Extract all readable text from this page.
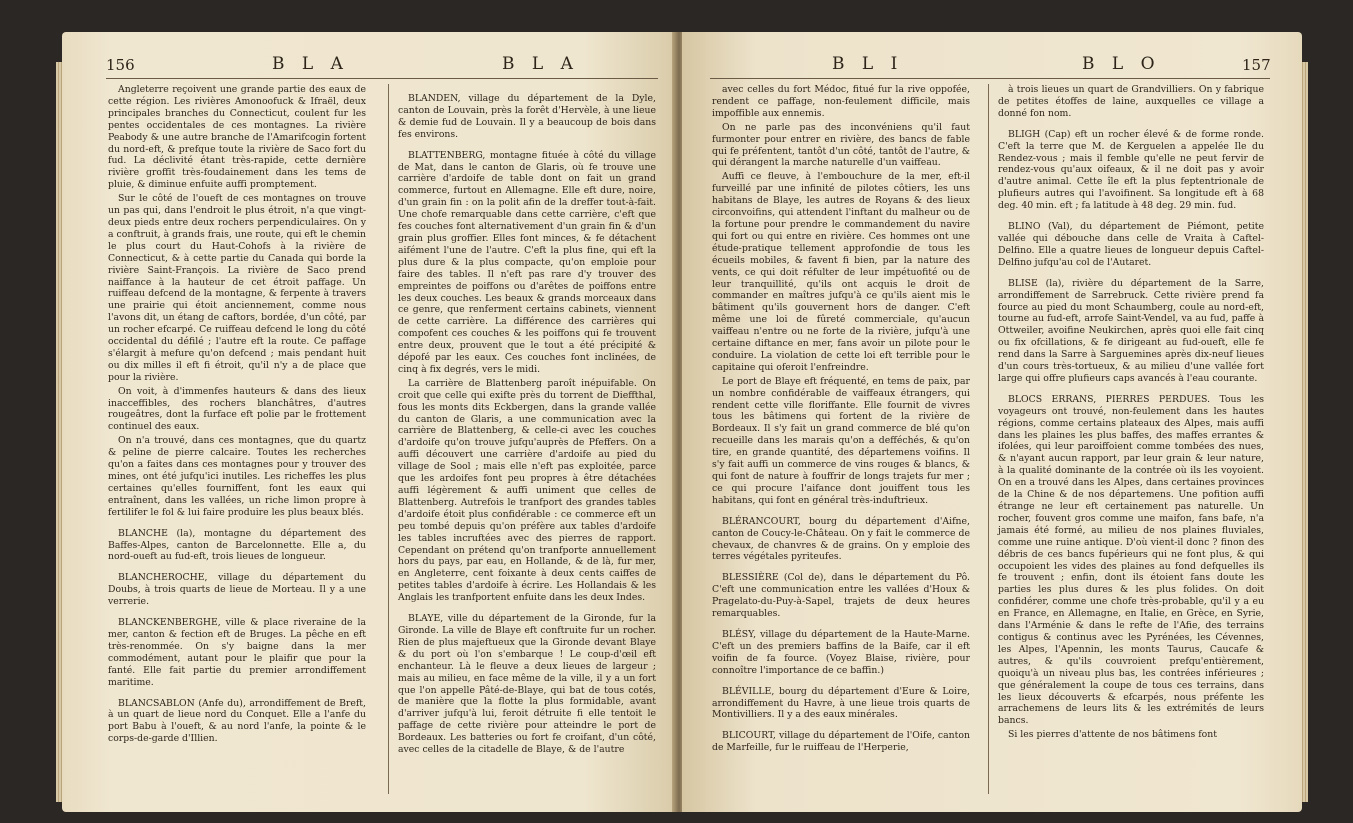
156	B L A	B L A

Angleterre reçoivent une grande partie des eaux de cette région. Les rivières Amonoofuck & Ifraël, deux principales branches du Connecticut, coulent fur les pentes occidentales de ces montagnes. La rivière Peabody & une autre branche de l'Amarifcogin fortent du nord-eft, & prefque toute la rivière de Saco fort du fud. La déclivité étant très-rapide, cette dernière rivière groffit très-foudainement dans les tems de pluie, & diminue enfuite auffi promptement.

Sur le côté de l'oueft de ces montagnes on trouve un pas qui, dans l'endroit le plus étroit, n'a que vingt-deux pieds entre deux rochers perpendiculaires. On y a conftruit, à grands frais, une route, qui eft le chemin le plus court du Haut-Cohofs à la rivière de Connecticut, & à cette partie du Canada qui borde la rivière Saint-François. La rivière de Saco prend naiffance à la hauteur de cet étroit paffage. Un ruiffeau defcend de la montagne, & ferpente à travers une prairie qui étoit anciennement, comme nous l'avons dit, un étang de caftors, bordée, d'un côté, par un rocher efcarpé. Ce ruiffeau defcend le long du côté occidental du défilé ; l'autre eft la route. Ce paffage s'élargit à mefure qu'on defcend ; mais pendant huit ou dix milles il eft fi étroit, qu'il n'y a de place que pour la rivière.

On voit, à d'immenfes hauteurs & dans des lieux inacceffibles, des rochers blanchâtres, d'autres rougeâtres, dont la furface eft polie par le frottement continuel des eaux.

On n'a trouvé, dans ces montagnes, que du quartz & peline de pierre calcaire. Toutes les recherches qu'on a faites dans ces montagnes pour y trouver des mines, ont été jufqu'ici inutiles. Les richeffes les plus certaines qu'elles fourniffent, font les eaux qui entraînent, dans les vallées, un riche limon propre à fertilifer le fol & lui faire produire les plus beaux blés.

BLANCHE (la), montagne du département des Baffes-Alpes, canton de Barcelonnette. Elle a, du nord-oueft au fud-eft, trois lieues de longueur.

BLANCHEROCHE, village du département du Doubs, à trois quarts de lieue de Morteau. Il y a une verrerie.

BLANCKENBERGHE, ville & place riveraine de la mer, canton & fection eft de Bruges. La pêche en eft très-renommée. On s'y baigne dans la mer commodément, autant pour le plaifir que pour la fanté. Elle fait partie du premier arrondiffement maritime.

BLANCSABLON (Anfe du), arrondiffement de Breft, à un quart de lieue nord du Conquet. Elle a l'anfe du port Babu à l'oueft, & au nord l'anfe, la pointe & le corps-de-garde d'Illien.

BLANDEN, village du département de la Dyle, canton de Louvain, près la forêt d'Hervèle, à une lieue & demie fud de Louvain. Il y a beaucoup de bois dans fes environs.

BLATTENBERG, montagne fituée à côté du village de Mat, dans le canton de Glaris, où fe trouve une carrière d'ardoife de table dont on fait un grand commerce, furtout en Allemagne. Elle eft dure, noire, d'un grain fin : on la polit afin de la dreffer tout-à-fait. Une chofe remarquable dans cette carrière, c'eft que fes couches font alternativement d'un grain fin & d'un grain plus groffier. Elles font minces, & fe détachent aifément l'une de l'autre. C'eft la plus fine, qui eft la plus dure & la plus compacte, qu'on emploie pour faire des tables. Il n'eft pas rare d'y trouver des empreintes de poiffons ou d'arêtes de poiffons entre les deux couches. Les beaux & grands morceaux dans ce genre, que renferment certains cabinets, viennent de cette carrière. La différence des carrières qui compofent ces couches & les poiffons qui fe trouvent entre deux, prouvent que le tout a été précipité & dépofé par les eaux. Ces couches font inclinées, de cinq à fix degrés, vers le midi.

La carrière de Blattenberg paroît inépuifable. On croit que celle qui exifte près du torrent de Dieffthal, fous les monts dits Eckbergen, dans la grande vallée du canton de Glaris, a une communication avec la carrière de Blattenberg, & celle-ci avec les couches d'ardoife qu'on trouve jufqu'auprès de Pfeffers. On a auffi découvert une carrière d'ardoife au pied du village de Sool ; mais elle n'eft pas exploitée, parce que les ardoifes font peu propres à être détachées auffi légèrement & auffi uniment que celles de Blattenberg. Autrefois le tranfport des grandes tables d'ardoife étoit plus confidérable : ce commerce eft un peu tombé depuis qu'on préfère aux tables d'ardoife les tables incruftées avec des pierres de rapport. Cependant on prétend qu'on tranfporte annuellement hors du pays, par eau, en Hollande, & de là, fur mer, en Angleterre, cent foixante à deux cents caiffes de petites tables d'ardoife à écrire. Les Hollandais & les Anglais les tranfportent enfuite dans les deux Indes.

BLAYE, ville du département de la Gironde, fur la Gironde. La ville de Blaye eft conftruite fur un rocher. Rien de plus majeftueux que la Gironde devant Blaye & du port où l'on s'embarque ! Le coup-d'œil eft enchanteur. Là le fleuve a deux lieues de largeur ; mais au milieu, en face même de la ville, il y a un fort que l'on appelle Pâté-de-Blaye, qui bat de tous cotés, de manière que la flotte la plus formidable, avant d'arriver jufqu'à lui, feroit détruite fi elle tentoit le paffage de cette rivière pour atteindre le port de Bordeaux. Les batteries ou fort fe croifant, d'un côté, avec celles de la citadelle de Blaye, & de l'autre

B L I	B L O	157

avec celles du fort Médoc, fitué fur la rive oppofée, rendent ce paffage, non-feulement difficile, mais impoffible aux ennemis.

On ne parle pas des inconvéniens qu'il faut furmonter pour entrer en rivière, des bancs de fable qui fe préfentent, tantôt d'un côté, tantôt de l'autre, & qui dérangent la marche naturelle d'un vaiffeau.

Auffi ce fleuve, à l'embouchure de la mer, eft-il furveillé par une infinité de pilotes côtiers, les uns habitans de Blaye, les autres de Royans & des lieux circonvoifins, qui attendent l'inftant du malheur ou de la fortune pour prendre le commandement du navire qui fort ou qui entre en rivière. Ces hommes ont une étude-pratique tellement approfondie de tous les écueils mobiles, & favent fi bien, par la nature des vents, ce qui doit réfulter de leur impétuofité ou de leur tranquillité, qu'ils ont acquis le droit de commander en maîtres jufqu'à ce qu'ils aient mis le bâtiment qu'ils gouvernent hors de danger. C'eft même une loi de fûreté commerciale, qu'aucun vaiffeau n'entre ou ne forte de la rivière, jufqu'à une certaine diftance en mer, fans avoir un pilote pour le conduire. La violation de cette loi eft terrible pour le capitaine qui oferoit l'enfreindre.

Le port de Blaye eft fréquenté, en tems de paix, par un nombre confidérable de vaiffeaux étrangers, qui rendent cette ville floriffante. Elle fournit de vivres tous les bâtimens qui fortent de la rivière de Bordeaux. Il s'y fait un grand commerce de blé qu'on recueille dans les marais qu'on a defféchés, & qu'on tire, en grande quantité, des départemens voifins. Il s'y fait auffi un commerce de vins rouges & blancs, & qui font de nature à fouffrir de longs trajets fur mer ; ce qui procure l'aifance dont jouiffent tous les habitans, qui font en général très-induftrieux.

BLÉRANCOURT, bourg du département d'Aifne, canton de Coucy-le-Château. On y fait le commerce de chevaux, de chanvres & de grains. On y emploie des terres végétales pyriteufes.

BLESSIÈRE (Col de), dans le département du Pô. C'eft une communication entre les vallées d'Houx & Pragelato-du-Puy-à-Sapel, trajets de deux heures remarquables.

BLÉSY, village du département de la Haute-Marne. C'eft un des premiers baffins de la Baife, car il eft voifin de fa fource. (Voyez Blaise, rivière, pour connoître l'importance de ce baffin.)

BLÉVILLE, bourg du département d'Eure & Loire, arrondiffement du Havre, à une lieue trois quarts de Montivilliers. Il y a des eaux minérales.

BLICOURT, village du département de l'Oife, canton de Marfeille, fur le ruiffeau de l'Herperie,

à trois lieues un quart de Grandvilliers. On y fabrique de petites étoffes de laine, auxquelles ce village a donné fon nom.

BLIGH (Cap) eft un rocher élevé & de forme ronde. C'eft la terre que M. de Kerguelen a appelée Ile du Rendez-vous ; mais il femble qu'elle ne peut fervir de rendez-vous qu'aux oifeaux, & il ne doit pas y avoir d'autre animal. Cette île eft la plus feptentrionale de plufieurs autres qui l'avoifinent. Sa longitude eft à 68 deg. 40 min. eft ; fa latitude à 48 deg. 29 min. fud.

BLINO (Val), du département de Piémont, petite vallée qui débouche dans celle de Vraita à Caftel-Delfino. Elle a quatre lieues de longueur depuis Caftel-Delfino jufqu'au col de l'Autaret.

BLISE (la), rivière du département de la Sarre, arrondiffement de Sarrebruck. Cette rivière prend fa fource au pied du mont Schaumberg, coule au nord-eft, tourne au fud-eft, arrofe Saint-Vendel, va au fud, paffe à Ottweiler, avoifine Neukirchen, après quoi elle fait cinq ou fix ofcillations, & fe dirigeant au fud-oueft, elle fe rend dans la Sarre à Sarguemines après dix-neuf lieues d'un cours très-tortueux, & au milieu d'une vallée fort large qui offre plufieurs caps avancés à l'eau courante.

BLOCS ERRANS, PIERRES PERDUES. Tous les voyageurs ont trouvé, non-feulement dans les hautes régions, comme certains plateaux des Alpes, mais auffi dans les plaines les plus baffes, des maffes errantes & ifolées, qui leur paroiffoient comme tombées des nues, & n'ayant aucun rapport, par leur grain & leur nature, à la qualité dominante de la contrée où ils les voyoient. On en a trouvé dans les Alpes, dans certaines provinces de la Chine & de nos départemens. Une pofition auffi étrange ne leur eft certainement pas naturelle. Un rocher, fouvent gros comme une maifon, fans bafe, n'a jamais été formé, au milieu de nos plaines fluviales, comme une ruine antique. D'où vient-il donc ? finon des débris de ces bancs fupérieurs qui ne font plus, & qui occupoient les vides des plaines au fond defquelles ils fe trouvent ; enfin, dont ils étoient fans doute les parties les plus dures & les plus folides. On doit confidérer, comme une chofe très-probable, qu'il y a eu en France, en Allemagne, en Italie, en Grèce, en Syrie, dans l'Arménie & dans le refte de l'Afie, des terrains contigus & continus avec les Pyrénées, les Cévennes, les Alpes, l'Apennin, les monts Taurus, Caucafe & autres, & qu'ils couvroient prefqu'entièrement, quoiqu'à un niveau plus bas, les contrées inférieures ; que généralement la coupe de tous ces terrains, dans les lieux découverts & efcarpés, nous préfente les arrachemens de leurs lits & les extrémités de leurs bancs.

Si les pierres d'attente de nos bâtimens font
